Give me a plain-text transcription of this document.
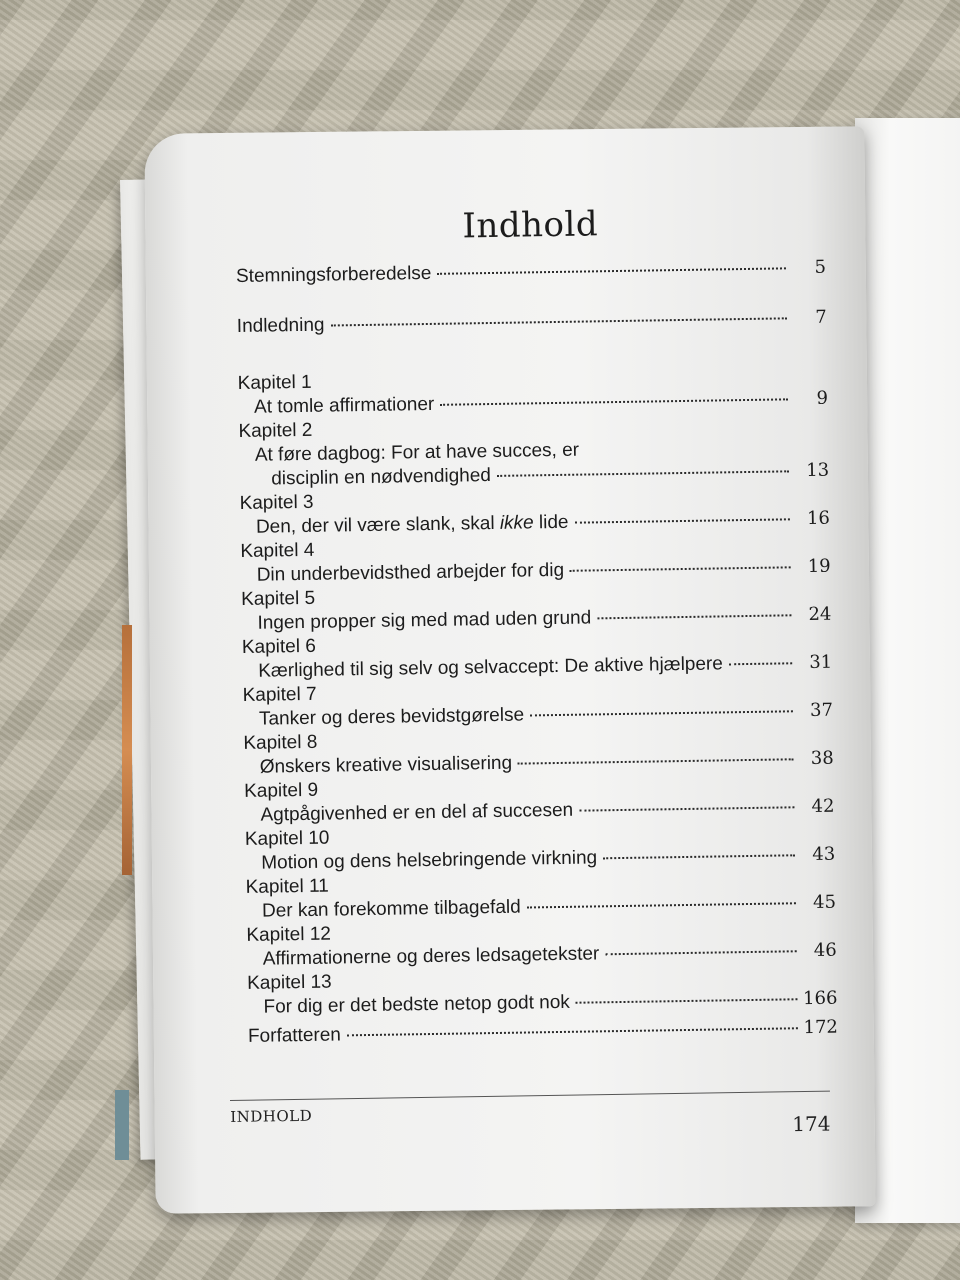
Indhold
Stemningsforberedelse	5
Indledning	7
Kapitel 1
At tomle affirmationer	9
Kapitel 2
At føre dagbog: For at have succes, er
disciplin en nødvendighed	13
Kapitel 3
Den, der vil være slank, skal ikke lide	16
Kapitel 4
Din underbevidsthed arbejder for dig	19
Kapitel 5
Ingen propper sig med mad uden grund	24
Kapitel 6
Kærlighed til sig selv og selvaccept: De aktive hjælpere	31
Kapitel 7
Tanker og deres bevidstgørelse	37
Kapitel 8
Ønskers kreative visualisering	38
Kapitel 9
Agtpågivenhed er en del af succesen	42
Kapitel 10
Motion og dens helsebringende virkning	43
Kapitel 11
Der kan forekomme tilbagefald	45
Kapitel 12
Affirmationerne og deres ledsagetekster	46
Kapitel 13
For dig er det bedste netop godt nok	166
Forfatteren	172
INDHOLD	174
